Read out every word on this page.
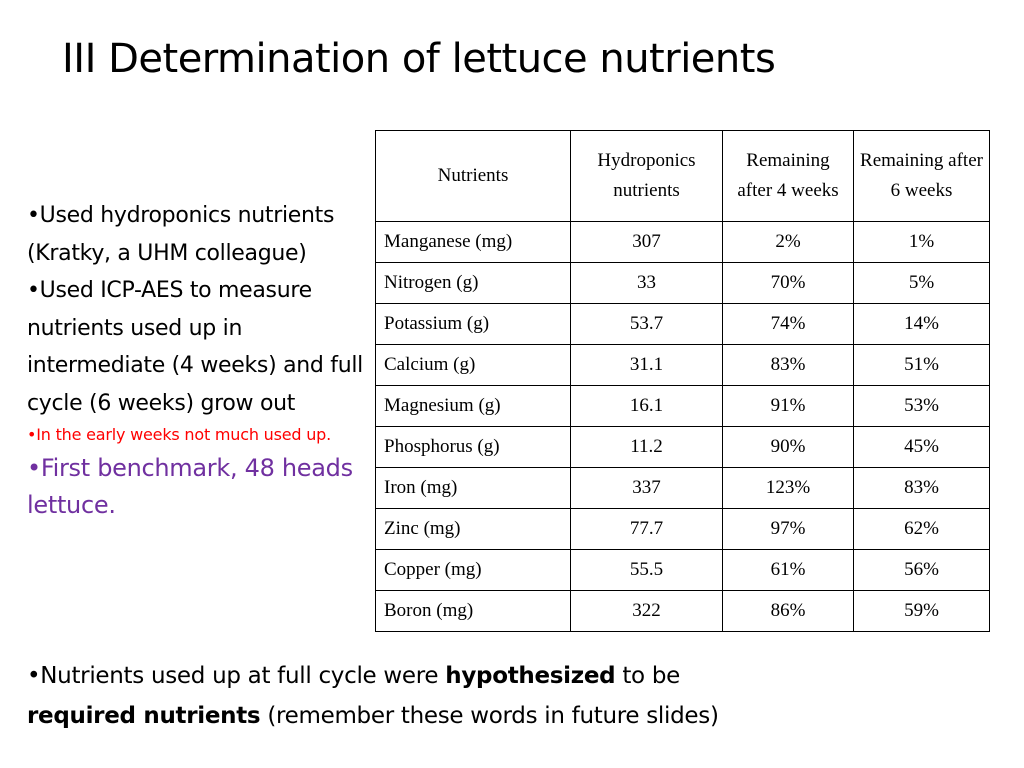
III Determination of lettuce nutrients

•Used hydroponics nutrients (Kratky, a UHM colleague)

•Used ICP-AES to measure nutrients used up in intermediate (4 weeks) and full cycle (6 weeks) grow out

•In the early weeks not much used up.

•First benchmark, 48 heads lettuce.

Nutrients	Hydroponics nutrients	Remaining after 4 weeks	Remaining after 6 weeks
Manganese (mg)	307	2%	1%
Nitrogen (g)	33	70%	5%
Potassium (g)	53.7	74%	14%
Calcium (g)	31.1	83%	51%
Magnesium (g)	16.1	91%	53%
Phosphorus (g)	11.2	90%	45%
Iron (mg)	337	123%	83%
Zinc (mg)	77.7	97%	62%
Copper (mg)	55.5	61%	56%
Boron (mg)	322	86%	59%
•Nutrients used up at full cycle were hypothesized to be
required nutrients (remember these words in future slides)
